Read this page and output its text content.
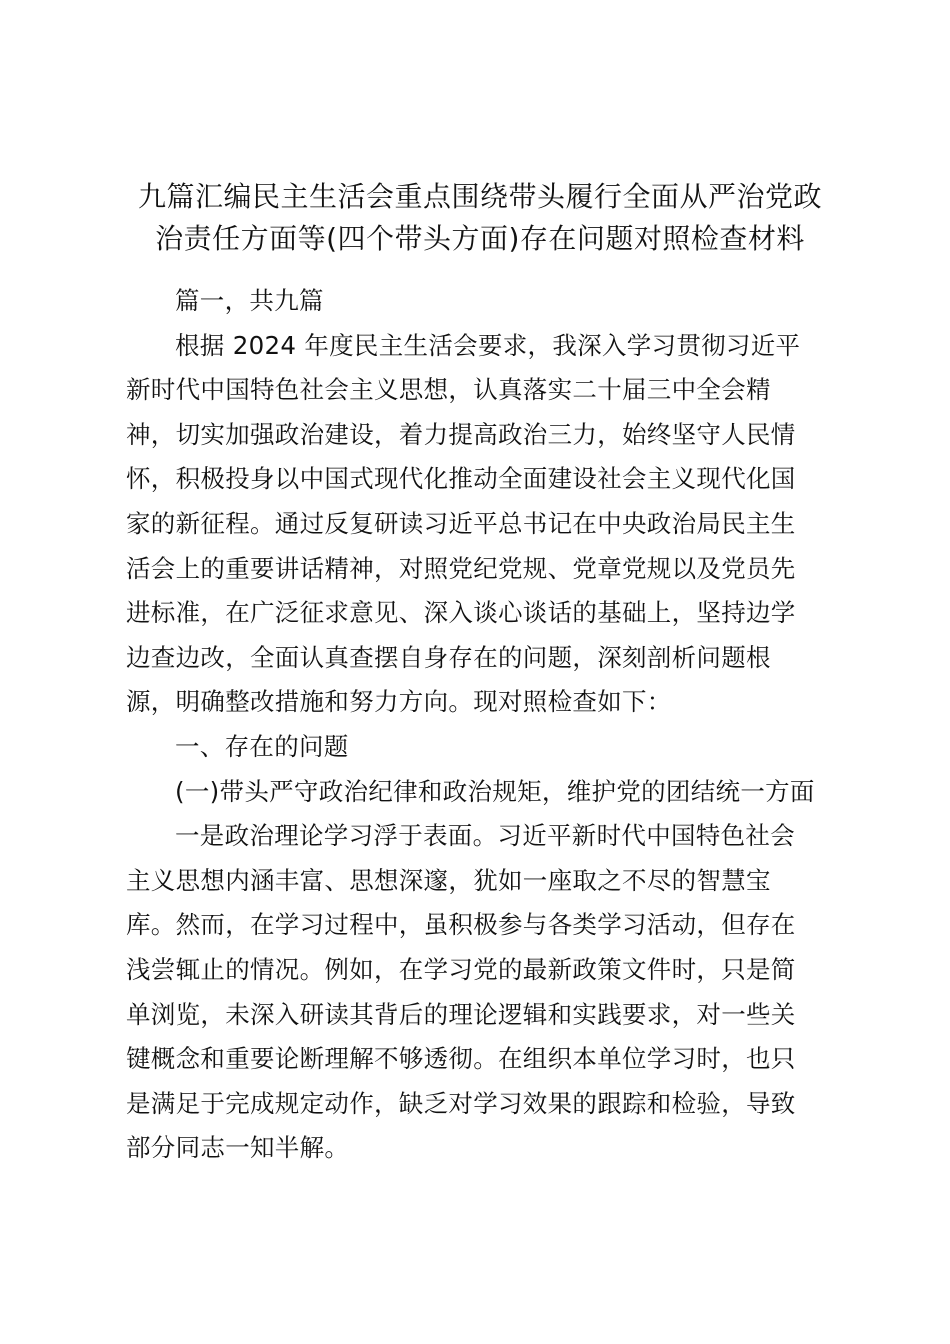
九篇汇编民主生活会重点围绕带头履行全面从严治党政
治责任方面等(四个带头方面)存在问题对照检查材料
篇一，共九篇
根据 2024 年度民主生活会要求，我深入学习贯彻习近平
新时代中国特色社会主义思想，认真落实二十届三中全会精
神，切实加强政治建设，着力提高政治三力，始终坚守人民情
怀，积极投身以中国式现代化推动全面建设社会主义现代化国
家的新征程。通过反复研读习近平总书记在中央政治局民主生
活会上的重要讲话精神，对照党纪党规、党章党规以及党员先
进标准，在广泛征求意见、深入谈心谈话的基础上，坚持边学
边查边改，全面认真查摆自身存在的问题，深刻剖析问题根
源，明确整改措施和努力方向。现对照检查如下：
一、存在的问题
(一)带头严守政治纪律和政治规矩，维护党的团结统一方面
一是政治理论学习浮于表面。习近平新时代中国特色社会
主义思想内涵丰富、思想深邃，犹如一座取之不尽的智慧宝
库。然而，在学习过程中，虽积极参与各类学习活动，但存在
浅尝辄止的情况。例如，在学习党的最新政策文件时，只是简
单浏览，未深入研读其背后的理论逻辑和实践要求，对一些关
键概念和重要论断理解不够透彻。在组织本单位学习时，也只
是满足于完成规定动作，缺乏对学习效果的跟踪和检验，导致
部分同志一知半解。
